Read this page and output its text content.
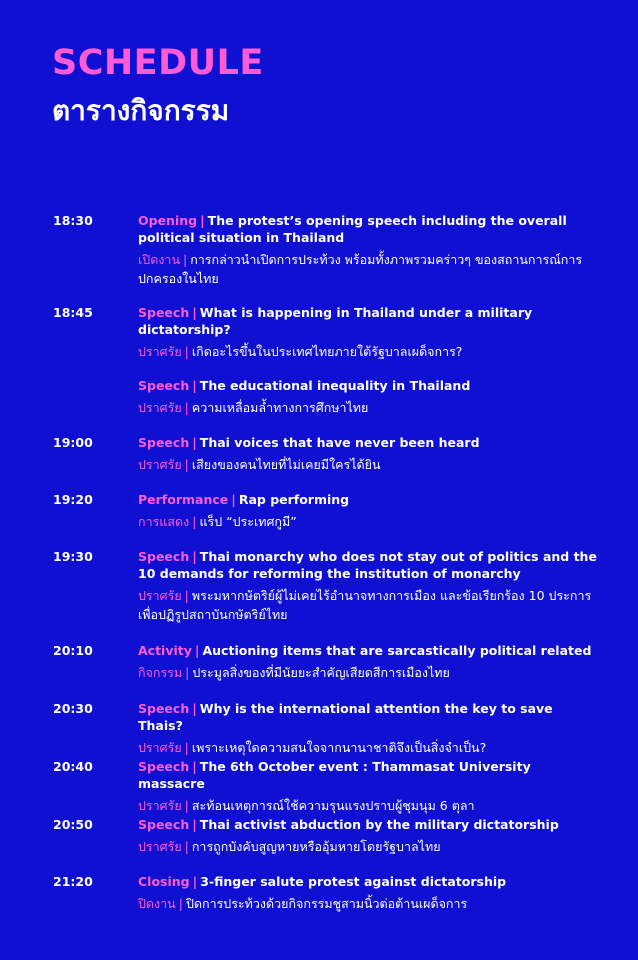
SCHEDULE
ตารางกิจกรรม
18:30	Opening | The protest’s opening speech including the overall political situation in Thailand
เปิดงาน | การกล่าวนำเปิดการประท้วง พร้อมทั้งภาพรวมคร่าวๆ ของสถานการณ์การปกครองในไทย
18:45	Speech | What is happening in Thailand under a military dictatorship?
ปราศรัย | เกิดอะไรขึ้นในประเทศไทยภายใต้รัฐบาลเผด็จการ?
Speech | The educational inequality in Thailand
ปราศรัย | ความเหลื่อมล้ำทางการศึกษาไทย
19:00	Speech | Thai voices that have never been heard
ปราศรัย | เสียงของคนไทยที่ไม่เคยมีใครได้ยิน
19:20	Performance | Rap performing
การแสดง | แร็ป “ประเทศกูมี”
19:30	Speech | Thai monarchy who does not stay out of politics and the 10 demands for reforming the institution of monarchy
ปราศรัย | พระมหากษัตริย์ผู้ไม่เคยไร้อำนาจทางการเมือง และข้อเรียกร้อง 10 ประการเพื่อปฏิรูปสถาบันกษัตริย์ไทย
20:10	Activity | Auctioning items that are sarcastically political related
กิจกรรม | ประมูลสิ่งของที่มีนัยยะสำคัญเสียดสีการเมืองไทย
20:30	Speech | Why is the international attention the key to save Thais?
ปราศรัย | เพราะเหตุใดความสนใจจากนานาชาติจึงเป็นสิ่งจำเป็น?
20:40	Speech | The 6th October event : Thammasat University massacre
ปราศรัย | สะท้อนเหตุการณ์ใช้ความรุนแรงปราบผู้ชุมนุม 6 ตุลา
20:50	Speech | Thai activist abduction by the military dictatorship
ปราศรัย | การถูกบังคับสูญหายหรืออุ้มหายโดยรัฐบาลไทย
21:20	Closing | 3-finger salute protest against dictatorship
ปิดงาน | ปิดการประท้วงด้วยกิจกรรมชูสามนิ้วต่อต้านเผด็จการ
